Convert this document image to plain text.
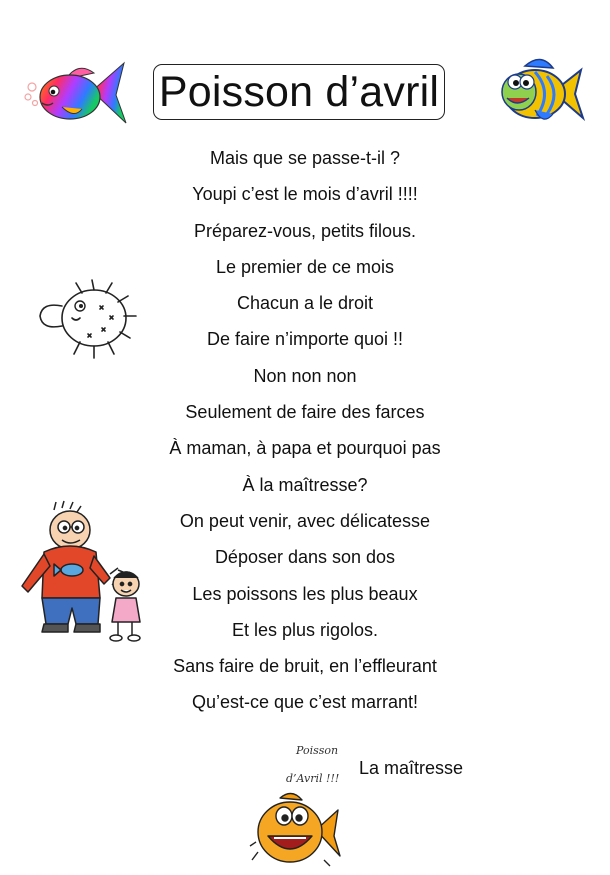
Poisson d’avril
Mais que se passe-t-il ?
Youpi c’est le mois d’avril !!!!
Préparez-vous, petits filous.
Le premier de ce mois
Chacun a le droit
De faire n’importe quoi !!
Non non non
Seulement de faire des farces
À maman, à papa et pourquoi pas
À la maîtresse?
On peut venir, avec délicatesse
Déposer dans son dos
Les poissons les plus beaux
Et les plus rigolos.
Sans faire de bruit, en l’effleurant
Qu’est-ce que c’est marrant!
La maîtresse
Poisson
d’Avril !!!
